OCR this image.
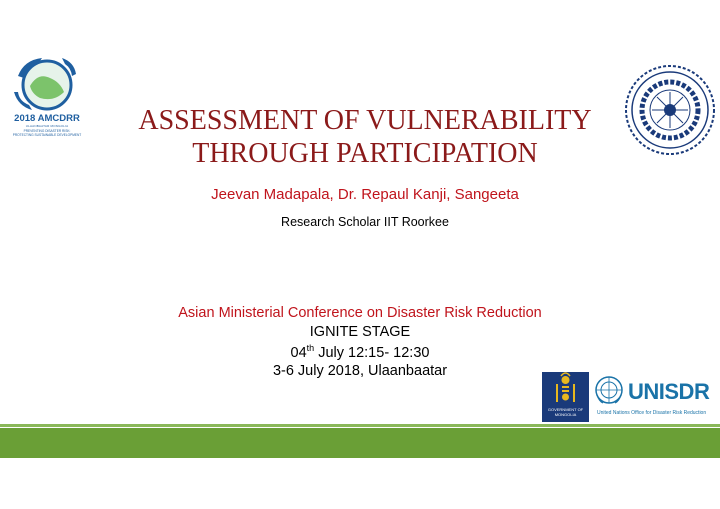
2018 AMCDRR
ULAANBAATAR MONGOLIA
PREVENTING DISASTER RISK:
PROTECTING SUSTAINABLE DEVELOPMENT	ASSESSMENT OF VULNERABILITY
THROUGH PARTICIPATION
Jeevan Madapala, Dr. Repaul Kanji, Sangeeta
Research Scholar IIT Roorkee
Asian Ministerial Conference on Disaster Risk Reduction
IGNITE STAGE
04th July 12:15- 12:30
3-6 July 2018, Ulaanbaatar
GOVERNMENT OF
MONGOLIA
UNISDR
United Nations Office for Disaster Risk Reduction
